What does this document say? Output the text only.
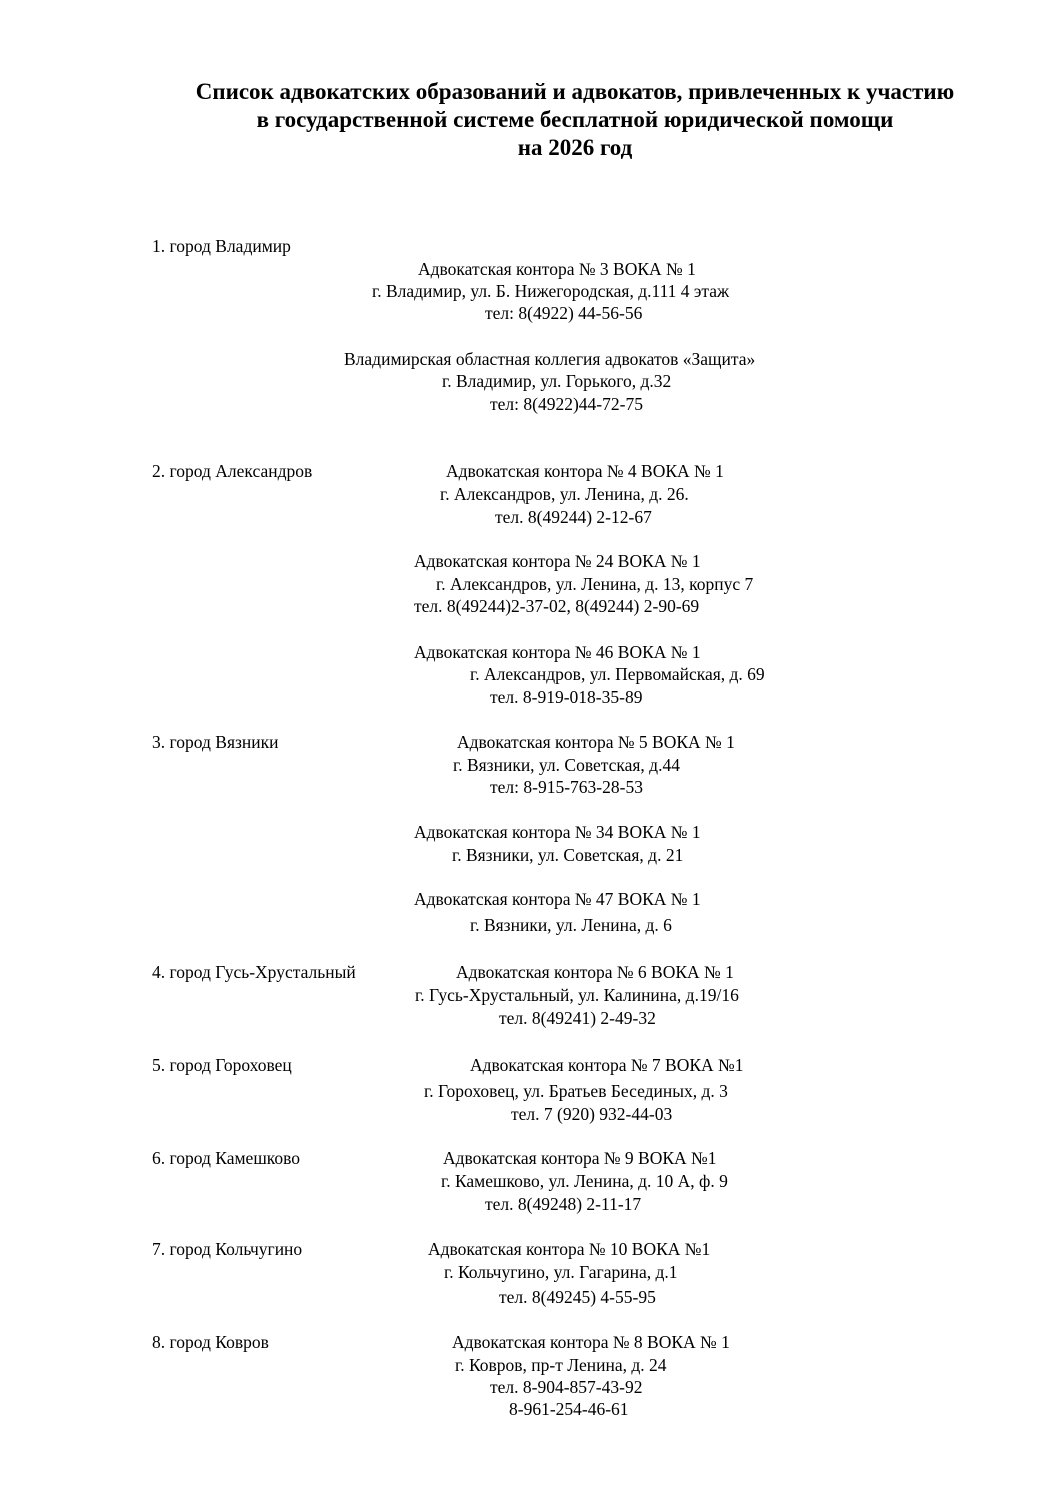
Список адвокатских образований и адвокатов, привлеченных к участию
в государственной системе бесплатной юридической помощи
на 2026 год
1. город Владимир
Адвокатская контора № 3 ВОКА № 1
г. Владимир, ул. Б. Нижегородская, д.111 4 этаж
тел: 8(4922) 44-56-56
Владимирская областная коллегия адвокатов «Защита»
г. Владимир, ул. Горького, д.32
тел: 8(4922)44-72-75
2. город Александров	Адвокатская контора № 4 ВОКА № 1
г. Александров, ул. Ленина, д. 26.
тел. 8(49244) 2-12-67
Адвокатская контора № 24 ВОКА № 1
г. Александров, ул. Ленина, д. 13, корпус 7
тел. 8(49244)2-37-02, 8(49244) 2-90-69
Адвокатская контора № 46 ВОКА № 1
г. Александров, ул. Первомайская, д. 69
тел. 8-919-018-35-89
3. город Вязники	Адвокатская контора № 5 ВОКА № 1
г. Вязники, ул. Советская, д.44
тел: 8-915-763-28-53
Адвокатская контора № 34 ВОКА № 1
г. Вязники, ул. Советская, д. 21
Адвокатская контора № 47 ВОКА № 1
г. Вязники, ул. Ленина, д. 6
4. город Гусь-Хрустальный	Адвокатская контора № 6 ВОКА № 1
г. Гусь-Хрустальный, ул. Калинина, д.19/16
тел. 8(49241) 2-49-32
5. город Гороховец	Адвокатская контора № 7 ВОКА №1
г. Гороховец, ул. Братьев Бесединых, д. 3
тел. 7 (920) 932-44-03
6. город Камешково	Адвокатская контора № 9 ВОКА №1
г. Камешково, ул. Ленина, д. 10 А, ф. 9
тел. 8(49248) 2-11-17
7. город Кольчугино	Адвокатская контора № 10 ВОКА №1
г. Кольчугино, ул. Гагарина, д.1
тел. 8(49245) 4-55-95
8. город Ковров	Адвокатская контора № 8 ВОКА № 1
г. Ковров, пр-т Ленина, д. 24
тел. 8-904-857-43-92
8-961-254-46-61
